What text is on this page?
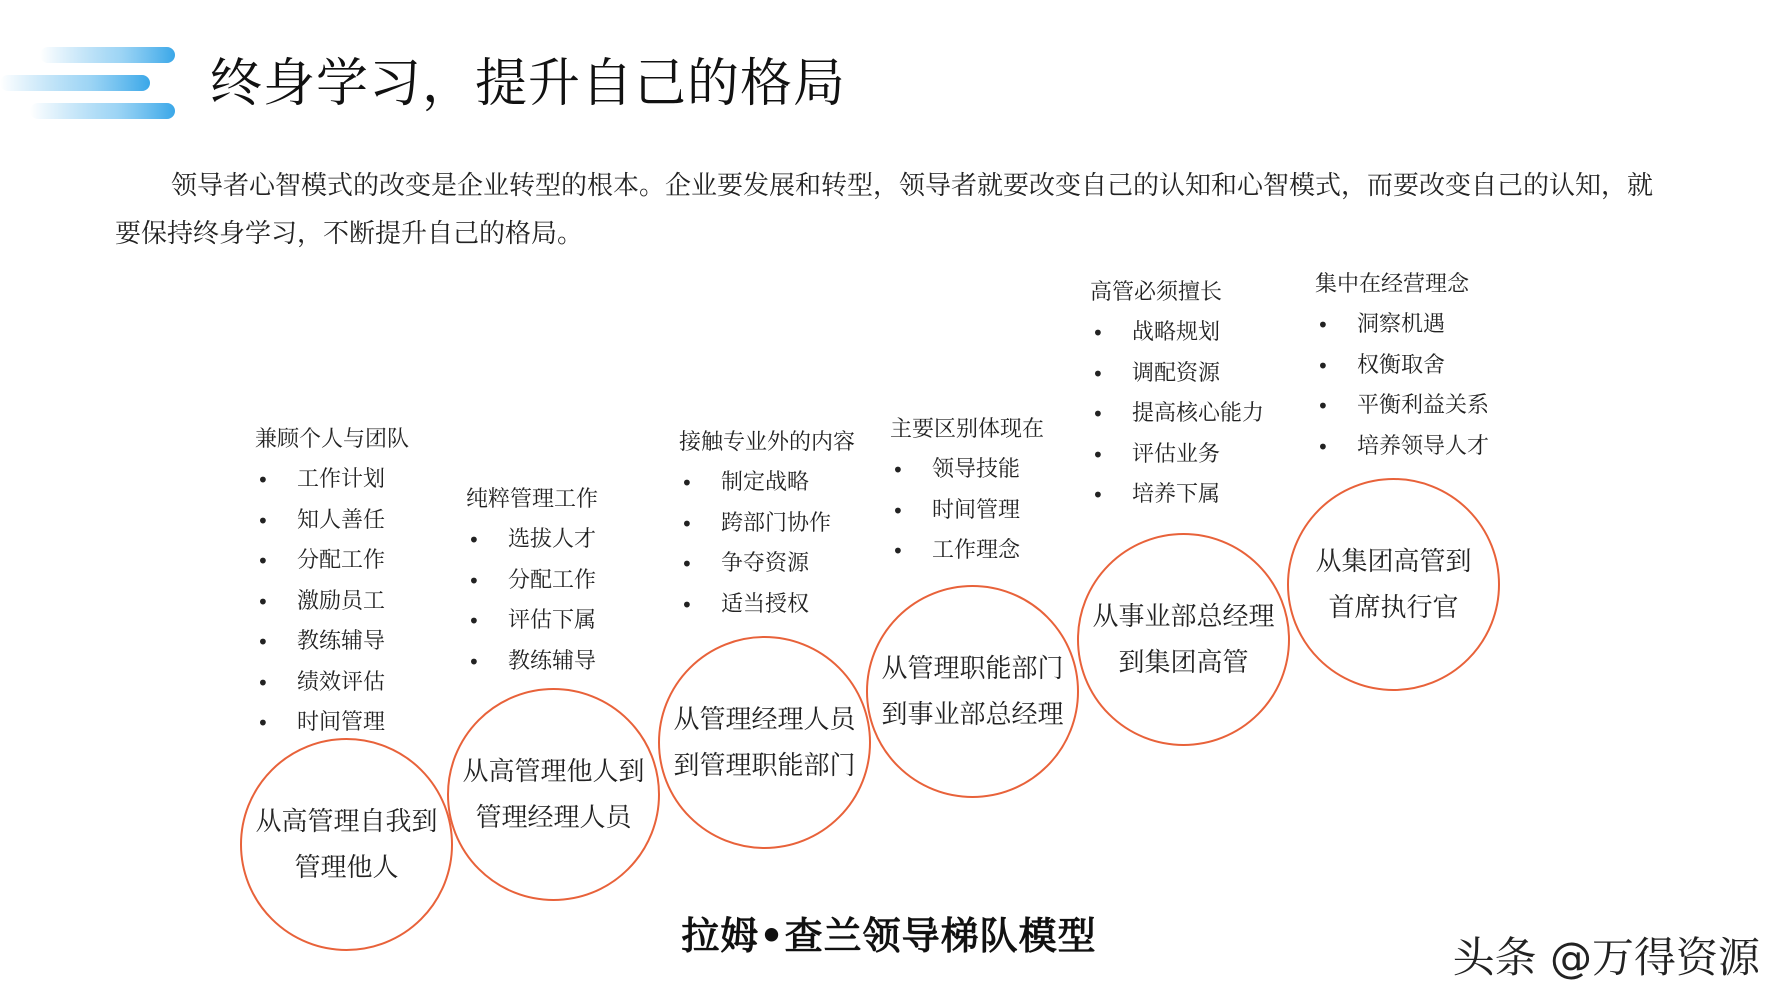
终身学习，提升自己的格局
领导者心智模式的改变是企业转型的根本。企业要发展和转型，领导者就要改变自己的认知和心智模式，而要改变自己的认知，就要保持终身学习，不断提升自己的格局。
兼顾个人与团队
• 工作计划
• 知人善任
• 分配工作
• 激励员工
• 教练辅导
• 绩效评估
• 时间管理
从高管理自我到
管理他人
纯粹管理工作
• 选拔人才
• 分配工作
• 评估下属
• 教练辅导
从高管理他人到
管理经理人员
接触专业外的内容
• 制定战略
• 跨部门协作
• 争夺资源
• 适当授权
从管理经理人员
到管理职能部门
主要区别体现在
• 领导技能
• 时间管理
• 工作理念
从管理职能部门
到事业部总经理
高管必须擅长
• 战略规划
• 调配资源
• 提高核心能力
• 评估业务
• 培养下属
从事业部总经理
到集团高管
集中在经营理念
• 洞察机遇
• 权衡取舍
• 平衡利益关系
• 培养领导人才
从集团高管到
首席执行官
拉姆•查兰领导梯队模型	头条 @万得资源
